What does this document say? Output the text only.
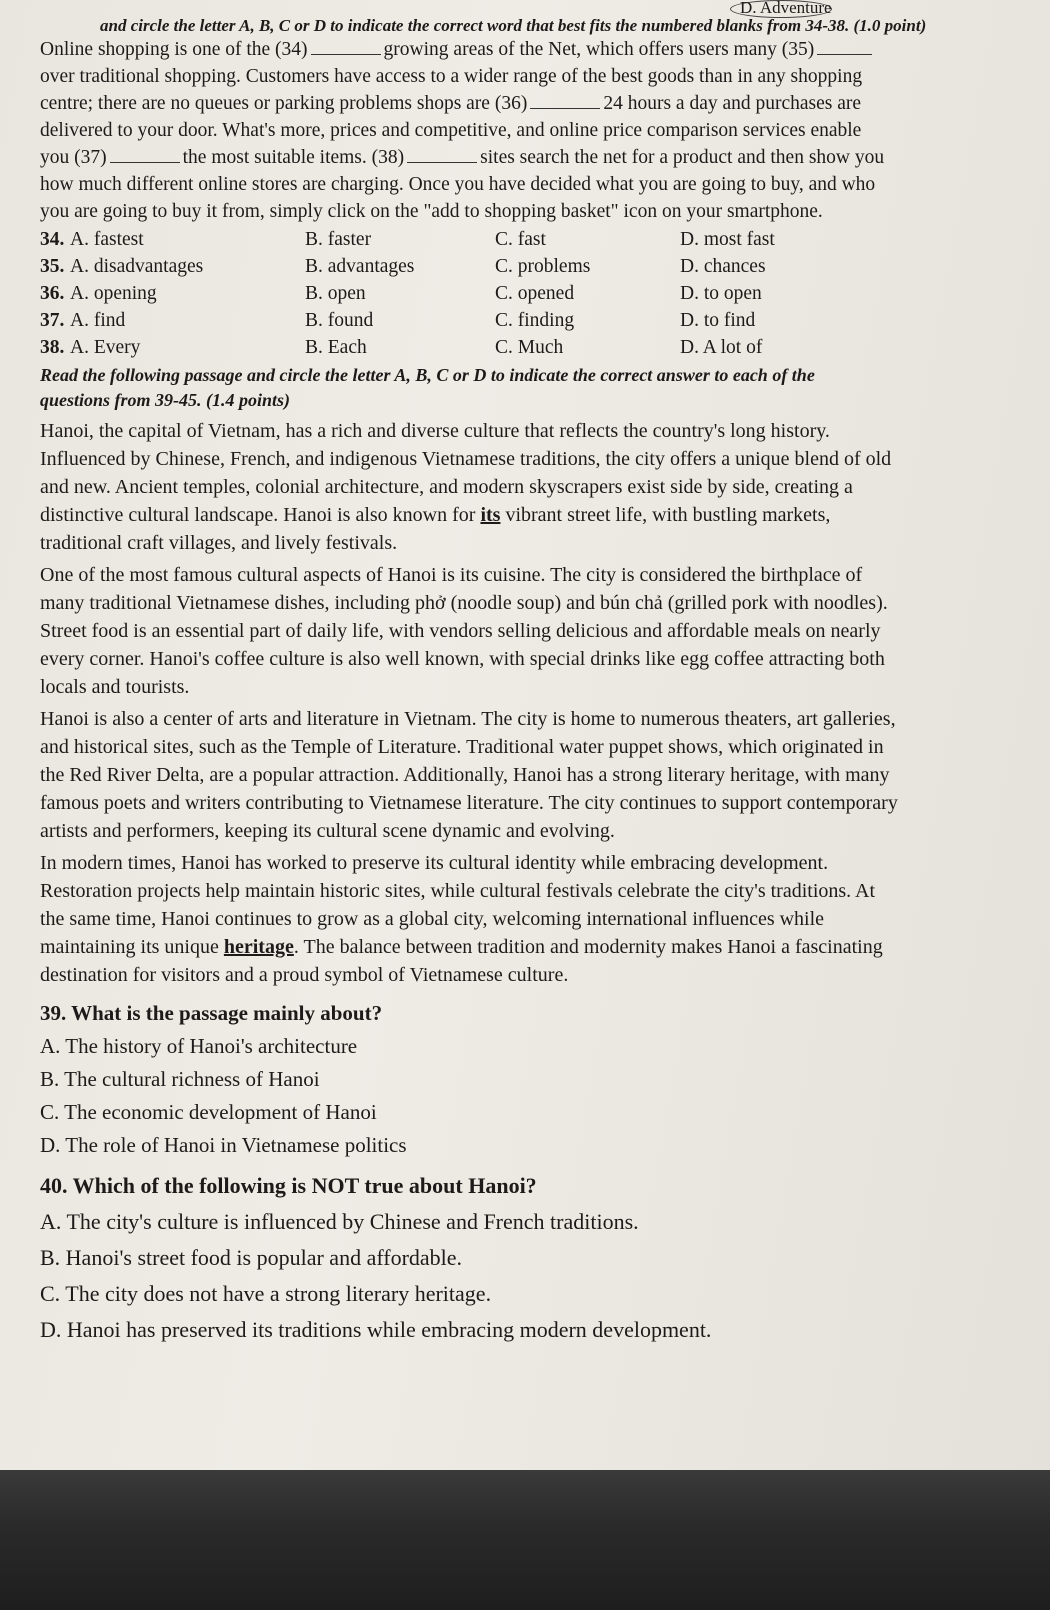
D. Adventure
and circle the letter A, B, C or D to indicate the correct word that best fits the numbered blanks from 34-38. (1.0 point)
Online shopping is one of the (34)	growing areas of the Net, which offers users many (35)
over traditional shopping. Customers have access to a wider range of the best goods than in any shopping
centre; there are no queues or parking problems shops are (36)	24 hours a day and purchases are
delivered to your door. What's more, prices and competitive, and online price comparison services enable
you (37)	the most suitable items. (38)	sites search the net for a product and then show you
how much different online stores are charging. Once you have decided what you are going to buy, and who
you are going to buy it from, simply click on the "add to shopping basket" icon on your smartphone.
34. A. fastest	B. faster	C. fast	D. most fast
35. A. disadvantages	B. advantages	C. problems	D. chances
36. A. opening	B. open	C. opened	D. to open
37. A. find	B. found	C. finding	D. to find
38. A. Every	B. Each	C. Much	D. A lot of
Read the following passage and circle the letter A, B, C or D to indicate the correct answer to each of the
questions from 39-45. (1.4 points)
Hanoi, the capital of Vietnam, has a rich and diverse culture that reflects the country's long history.
Influenced by Chinese, French, and indigenous Vietnamese traditions, the city offers a unique blend of old
and new. Ancient temples, colonial architecture, and modern skyscrapers exist side by side, creating a
distinctive cultural landscape. Hanoi is also known for its vibrant street life, with bustling markets,
traditional craft villages, and lively festivals.
One of the most famous cultural aspects of Hanoi is its cuisine. The city is considered the birthplace of
many traditional Vietnamese dishes, including phở (noodle soup) and bún chả (grilled pork with noodles).
Street food is an essential part of daily life, with vendors selling delicious and affordable meals on nearly
every corner. Hanoi's coffee culture is also well known, with special drinks like egg coffee attracting both
locals and tourists.
Hanoi is also a center of arts and literature in Vietnam. The city is home to numerous theaters, art galleries,
and historical sites, such as the Temple of Literature. Traditional water puppet shows, which originated in
the Red River Delta, are a popular attraction. Additionally, Hanoi has a strong literary heritage, with many
famous poets and writers contributing to Vietnamese literature. The city continues to support contemporary
artists and performers, keeping its cultural scene dynamic and evolving.
In modern times, Hanoi has worked to preserve its cultural identity while embracing development.
Restoration projects help maintain historic sites, while cultural festivals celebrate the city's traditions. At
the same time, Hanoi continues to grow as a global city, welcoming international influences while
maintaining its unique heritage. The balance between tradition and modernity makes Hanoi a fascinating
destination for visitors and a proud symbol of Vietnamese culture.
39. What is the passage mainly about?
A. The history of Hanoi's architecture
B. The cultural richness of Hanoi
C. The economic development of Hanoi
D. The role of Hanoi in Vietnamese politics
40. Which of the following is NOT true about Hanoi?
A. The city's culture is influenced by Chinese and French traditions.
B. Hanoi's street food is popular and affordable.
C. The city does not have a strong literary heritage.
D. Hanoi has preserved its traditions while embracing modern development.
